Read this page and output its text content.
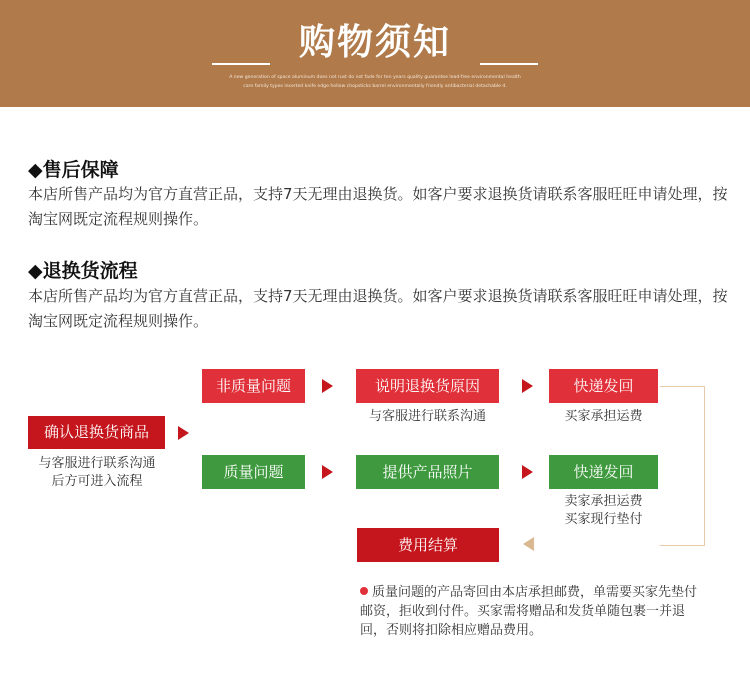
购物须知
A new generation of space aluminum does not rust do not fade for ten years quality guarantee lead-free environmental health
care family types inserted knife edge hollow chopsticks barrel environmentally friendly antibacterial detachable d.
◆售后保障
本店所售产品均为官方直营正品，支持7天无理由退换货。如客户要求退换货请联系客服旺旺申请处理，按淘宝网既定流程规则操作。
◆退换货流程
本店所售产品均为官方直营正品，支持7天无理由退换货。如客户要求退换货请联系客服旺旺申请处理，按淘宝网既定流程规则操作。
确认退换货商品
与客服进行联系沟通
后方可进入流程
非质量问题	说明退换货原因
与客服进行联系沟通
快递发回
买家承担运费
质量问题	提供产品照片	快递发回
卖家承担运费
买家现行垫付
费用结算
质量问题的产品寄回由本店承担邮费，单需要买家先垫付邮资，拒收到付件。买家需将赠品和发货单随包裹一并退回，否则将扣除相应赠品费用。
